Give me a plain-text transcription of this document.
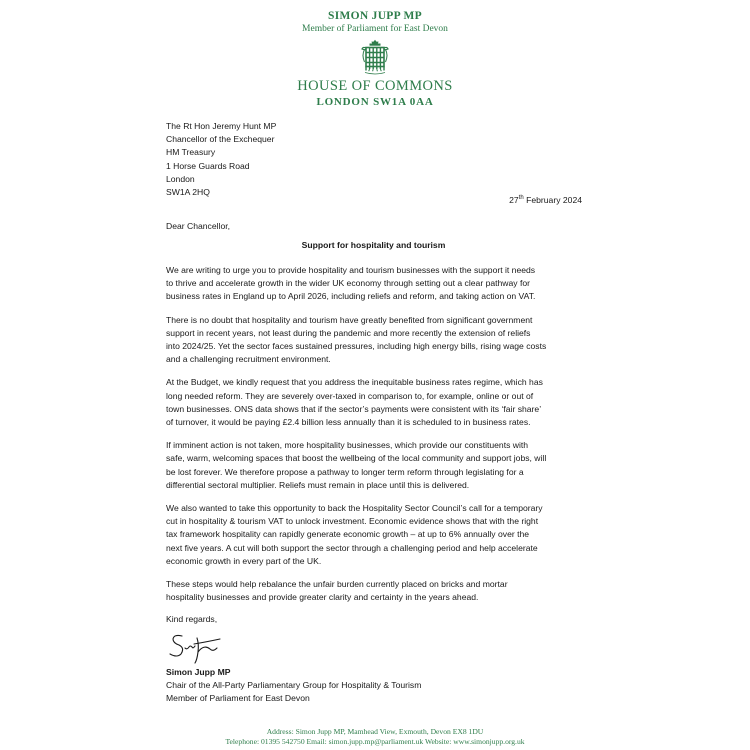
SIMON JUPP MP
Member of Parliament for East Devon
HOUSE OF COMMONS
LONDON SW1A 0AA
The Rt Hon Jeremy Hunt MP
Chancellor of the Exchequer
HM Treasury
1 Horse Guards Road
London
SW1A 2HQ
27th February 2024
Dear Chancellor,
Support for hospitality and tourism

We are writing to urge you to provide hospitality and tourism businesses with the support it needs
to thrive and accelerate growth in the wider UK economy through setting out a clear pathway for
business rates in England up to April 2026, including reliefs and reform, and taking action on VAT.

There is no doubt that hospitality and tourism have greatly benefited from significant government
support in recent years, not least during the pandemic and more recently the extension of reliefs
into 2024/25. Yet the sector faces sustained pressures, including high energy bills, rising wage costs
and a challenging recruitment environment.

At the Budget, we kindly request that you address the inequitable business rates regime, which has
long needed reform. They are severely over-taxed in comparison to, for example, online or out of
town businesses. ONS data shows that if the sector’s payments were consistent with its ‘fair share’
of turnover, it would be paying £2.4 billion less annually than it is scheduled to in business rates.

If imminent action is not taken, more hospitality businesses, which provide our constituents with
safe, warm, welcoming spaces that boost the wellbeing of the local community and support jobs, will
be lost forever. We therefore propose a pathway to longer term reform through legislating for a
differential sectoral multiplier. Reliefs must remain in place until this is delivered.

We also wanted to take this opportunity to back the Hospitality Sector Council’s call for a temporary
cut in hospitality & tourism VAT to unlock investment. Economic evidence shows that with the right
tax framework hospitality can rapidly generate economic growth – at up to 6% annually over the
next five years. A cut will both support the sector through a challenging period and help accelerate
economic growth in every part of the UK.

These steps would help rebalance the unfair burden currently placed on bricks and mortar
hospitality businesses and provide greater clarity and certainty in the years ahead.

Kind regards,
Simon Jupp MP
Chair of the All-Party Parliamentary Group for Hospitality & Tourism
Member of Parliament for East Devon
Address: Simon Jupp MP, Mamhead View, Exmouth, Devon EX8 1DU
Telephone: 01395 542750 Email: simon.jupp.mp@parliament.uk Website: www.simonjupp.org.uk
